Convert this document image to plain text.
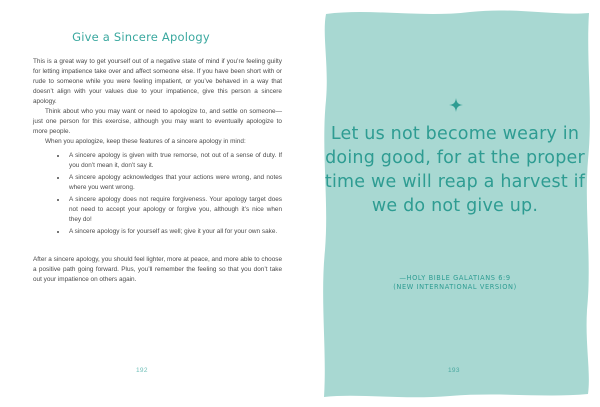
Give a Sincere Apology

This is a great way to get yourself out of a negative state of mind if you’re feeling guilty for letting impatience take over and affect someone else. If you have been short with or rude to someone while you were feeling impatient, or you’ve behaved in a way that doesn’t align with your values due to your impatience, give this person a sincere apology.

Think about who you may want or need to apologize to, and settle on someone—just one person for this exercise, although you may want to eventually apologize to more people.

When you apologize, keep these features of a sincere apology in mind:

• A sincere apology is given with true remorse, not out of a sense of duty. If you don’t mean it, don’t say it.
• A sincere apology acknowledges that your actions were wrong, and notes where you went wrong.
• A sincere apology does not require forgiveness. Your apology target does not need to accept your apology or forgive you, although it’s nice when they do!
• A sincere apology is for yourself as well; give it your all for your own sake.

After a sincere apology, you should feel lighter, more at peace, and more able to choose a positive path going forward. Plus, you’ll remember the feeling so that you don’t take out your impatience on others again.

192
Let us not become weary in doing good, for at the proper time we will reap a harvest if we do not give up.
—HOLY BIBLE GALATIANS 6:9
(NEW INTERNATIONAL VERSION)
193
